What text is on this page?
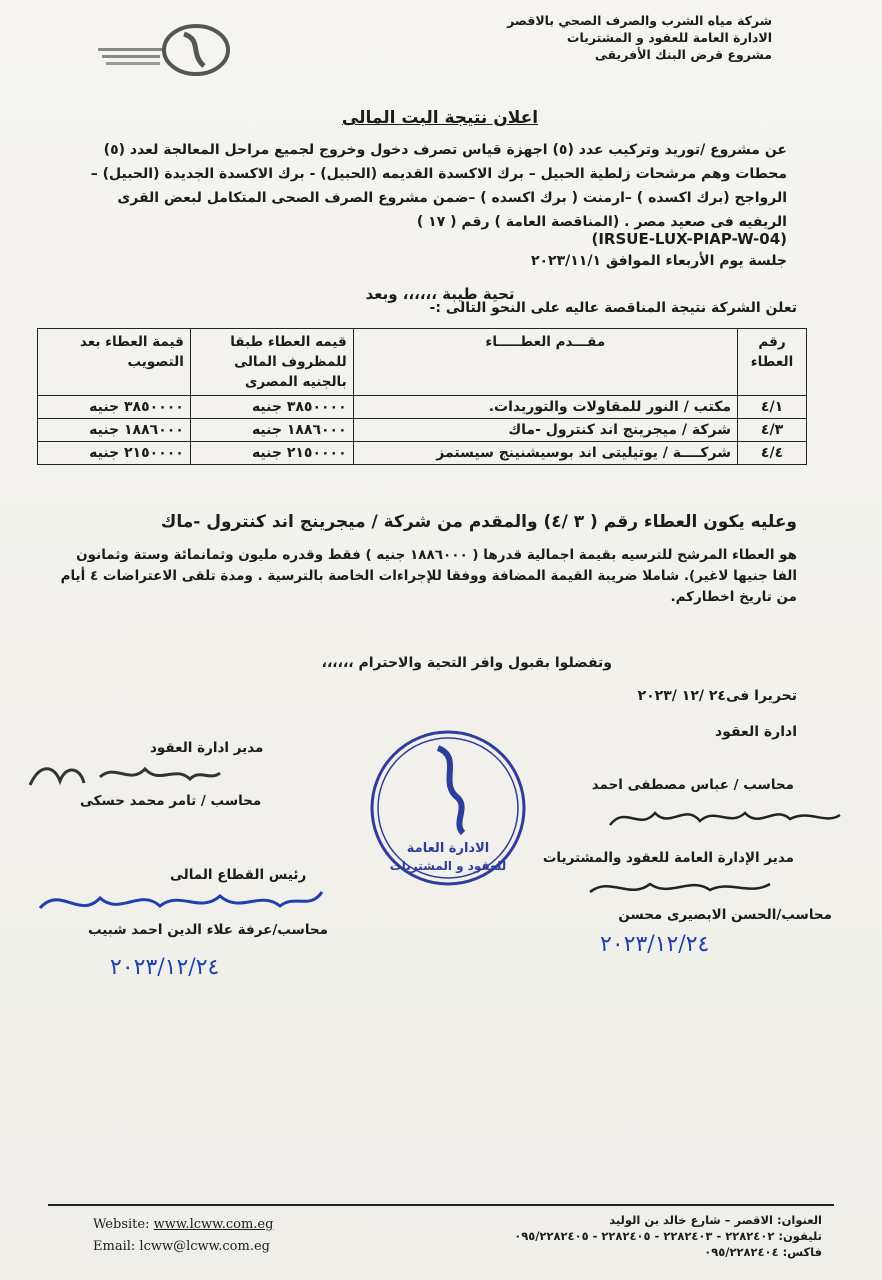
شركة مياه الشرب والصرف الصحي بالاقصر
الادارة العامة للعقود و المشتريات
مشروع قرض البنك الأفريقى
اعلان نتيجة البت المالى
عن مشروع /توريد وتركيب عدد (٥) اجهزة قياس تصرف دخول وخروج لجميع مراحل المعالجة لعدد (٥) محطات وهم مرشحات زلطية الحبيل – برك الاكسدة القديمه (الحبيل) - برك الاكسدة الجديدة (الحبيل) – الرواجح (برك اكسده ) –ارمنت ( برك اكسده ) –ضمن مشروع الصرف الصحى المتكامل لبعض القرى الريفيه فى صعيد مصر . (المناقصة العامة ) رقم ( ١٧ )
(IRSUE-LUX-PIAP-W-04)
جلسة يوم الأربعاء الموافق ٢٠٢٣/١١/١
تحية طيبة ،،،،،، وبعد
تعلن الشركة نتيجة المناقصة عاليه على النحو التالى :-
رقم العطاء	مقـــدم العطـــــاء	قيمه العطاء طبقا للمظروف المالى بالجنيه المصرى	قيمة العطاء بعد التصويب
٤/١	مكتب / النور للمقاولات والتوريدات.	٣٨٥٠٠٠٠ جنيه	٣٨٥٠٠٠٠ جنيه
٤/٣	شركة / ميجرينج اند كنترول -ماك	١٨٨٦٠٠٠ جنيه	١٨٨٦٠٠٠ جنيه
٤/٤	شركــــة / يوتيليتى اند بوسيشنينج سيستمز	٢١٥٠٠٠٠ جنيه	٢١٥٠٠٠٠ جنيه
وعليه يكون العطاء رقم ( ٣ /٤) والمقدم من شركة / ميجرينج اند كنترول -ماك
هو العطاء المرشح للترسيه بقيمة اجمالية قدرها ( ١٨٨٦٠٠٠ جنيه ) فقط وقدره مليون وثمانمائة وستة وثمانون الفا جنيها لاغير). شاملا ضريبة القيمة المضافة ووفقا للإجراءات الخاصة بالترسية . ومدة تلقى الاعتراضات ٤ أيام من تاريخ اخطاركم.
وتفضلوا بقبول وافر التحية والاحترام ،،،،،،
تحريرا فى٢٤ /١٢ /٢٠٢٣
ادارة العقود
مدير ادارة العقود
محاسب / تامر محمد حسكى
رئيس القطاع المالى
محاسب/عرفة علاء الدين احمد شبيب
٢٠٢٣/١٢/٢٤
الادارة العامة
للعقود و المشتريات
محاسب / عباس مصطفى احمد
مدير الإدارة العامة للعقود والمشتريات
محاسب/الحسن الابصيرى محسن
٢٠٢٣/١٢/٢٤
Website: www.lcww.com.eg
Email: lcww@lcww.com.eg
العنوان: الاقصر – شارع خالد بن الوليد
تليفون: ٢٢٨٢٤٠٢ - ٢٢٨٢٤٠٣ - ٢٢٨٢٤٠٥ - ٠٩٥/٢٢٨٢٤٠٥
فاكس: ٠٩٥/٢٢٨٢٤٠٤
